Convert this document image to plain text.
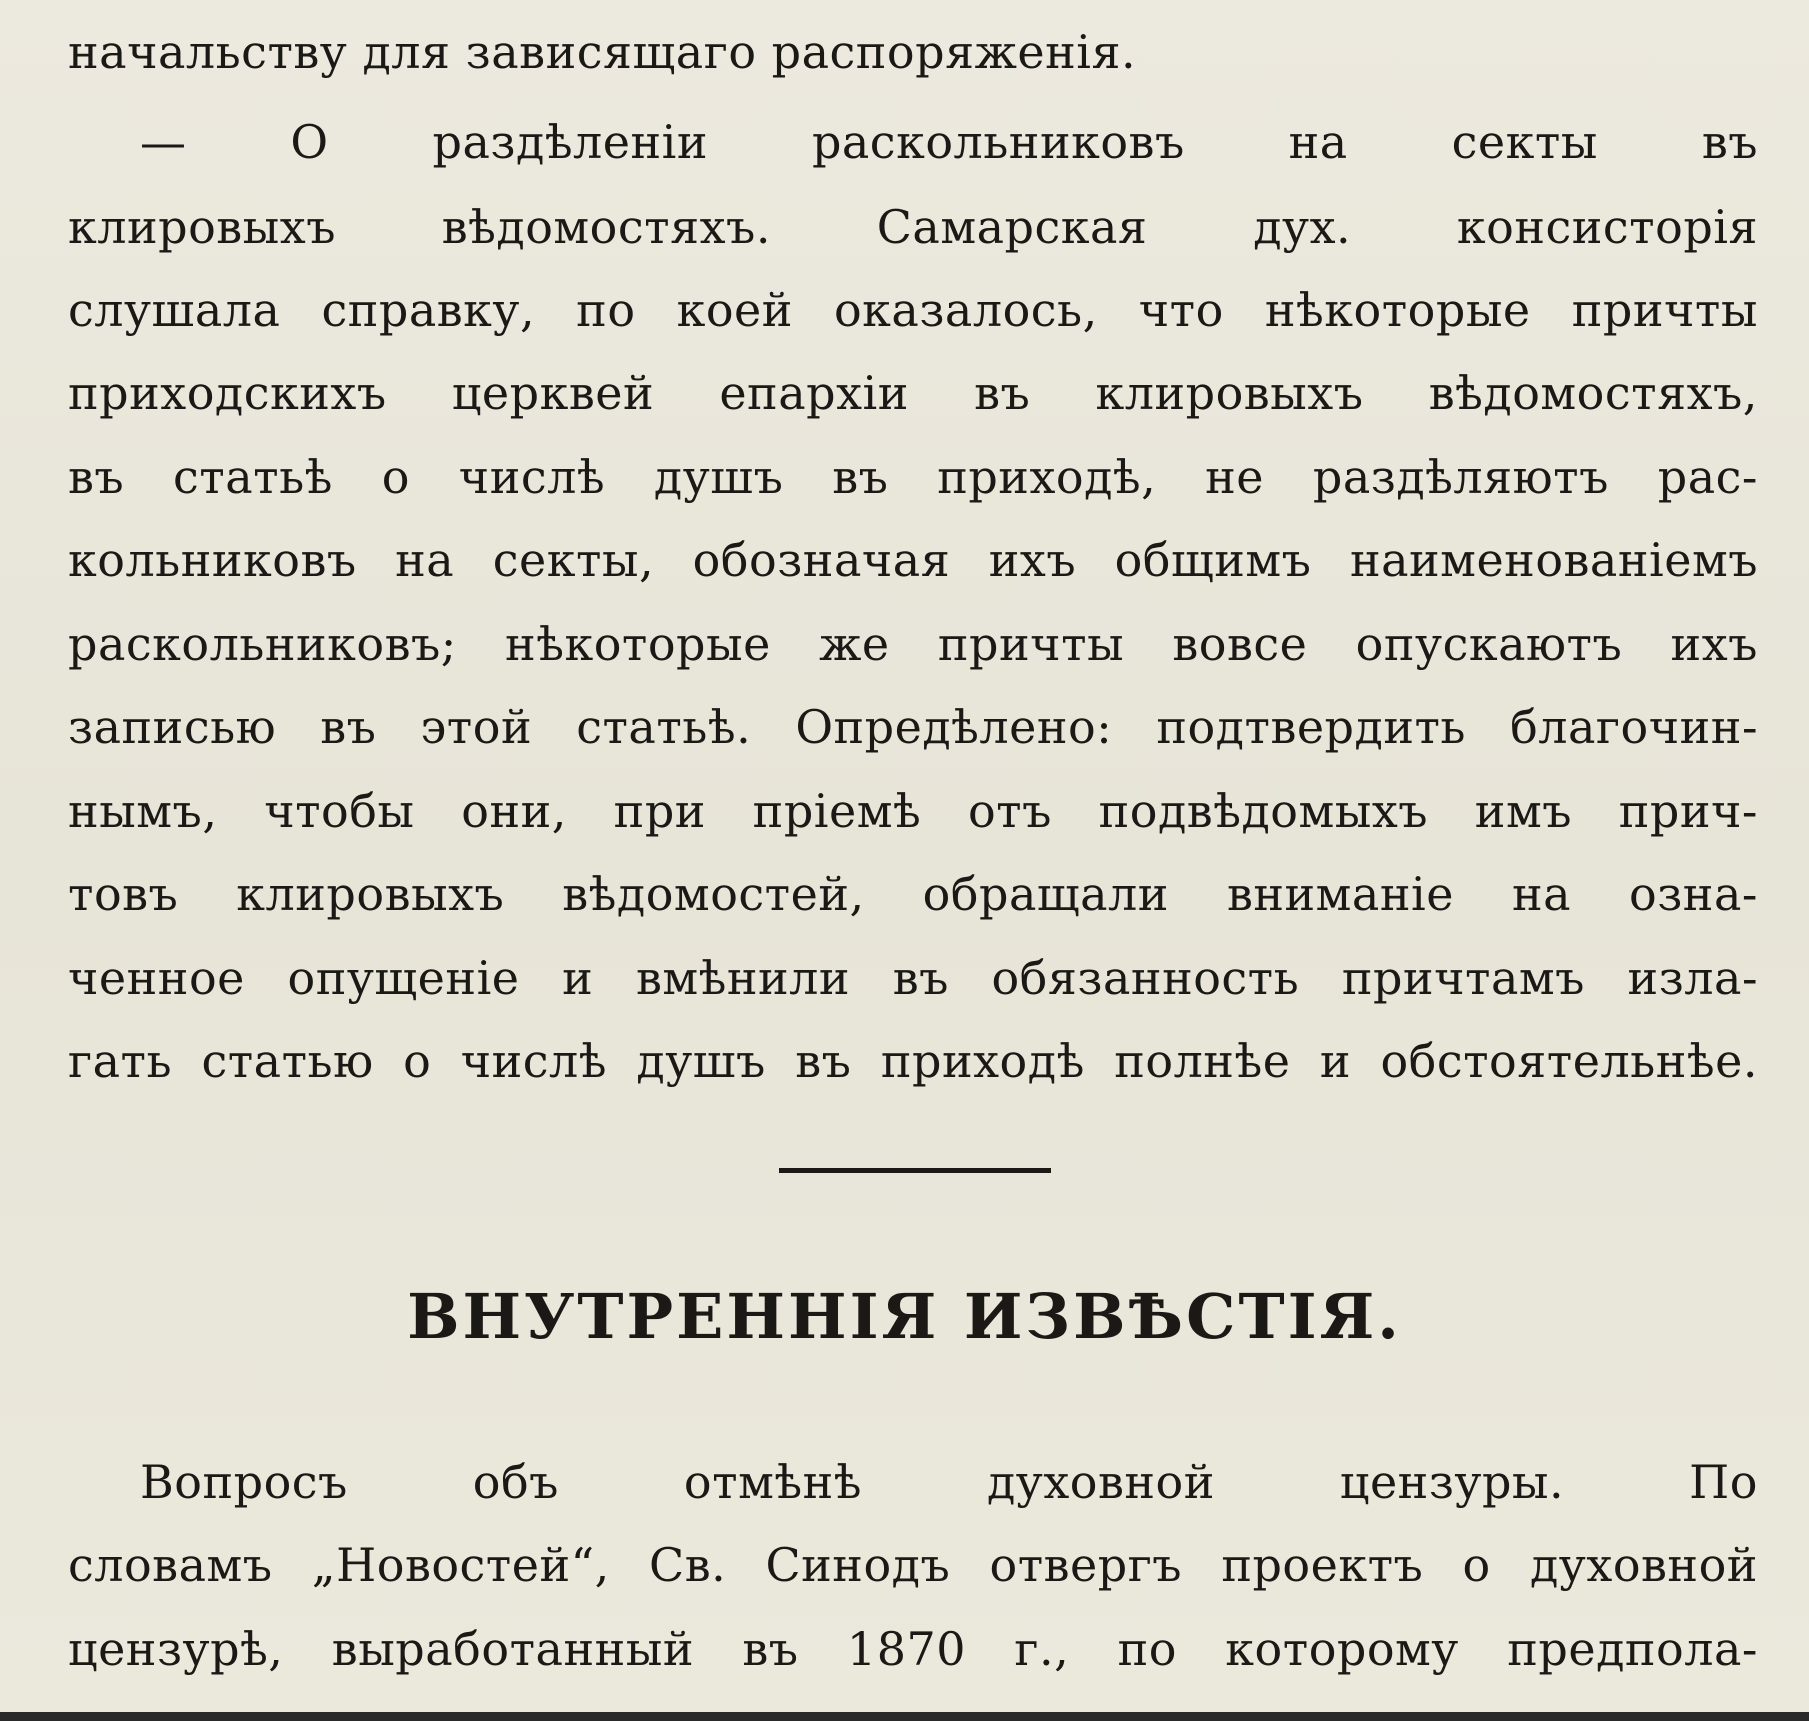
начальству для зависящаго распоряженія.
— О раздѣленіи раскольниковъ на секты въ
клировыхъ вѣдомостяхъ. Самарская дух. консисторія
слушала справку, по коей оказалось, что нѣкоторые причты
приходскихъ церквей епархіи въ клировыхъ вѣдомостяхъ,
въ статьѣ о числѣ душъ въ приходѣ, не раздѣляютъ рас-
кольниковъ на секты, обозначая ихъ общимъ наименованіемъ
раскольниковъ; нѣкоторые же причты вовсе опускаютъ ихъ
записью въ этой статьѣ. Опредѣлено: подтвердить благочин-
нымъ, чтобы они, при пріемѣ отъ подвѣдомыхъ имъ прич-
товъ клировыхъ вѣдомостей, обращали вниманіе на озна-
ченное опущеніе и вмѣнили въ обязанность причтамъ изла-
гать статью о числѣ душъ въ приходѣ полнѣе и обстоятельнѣе.
ВНУТРЕННІЯ ИЗВѢСТІЯ.
Вопросъ	объ	отмѣнѣ	духовной	цензуры.	По
словамъ „Новостей“, Св. Синодъ отвергъ проектъ о духовной
цензурѣ, выработанный въ 1870 г., по которому предпола-
